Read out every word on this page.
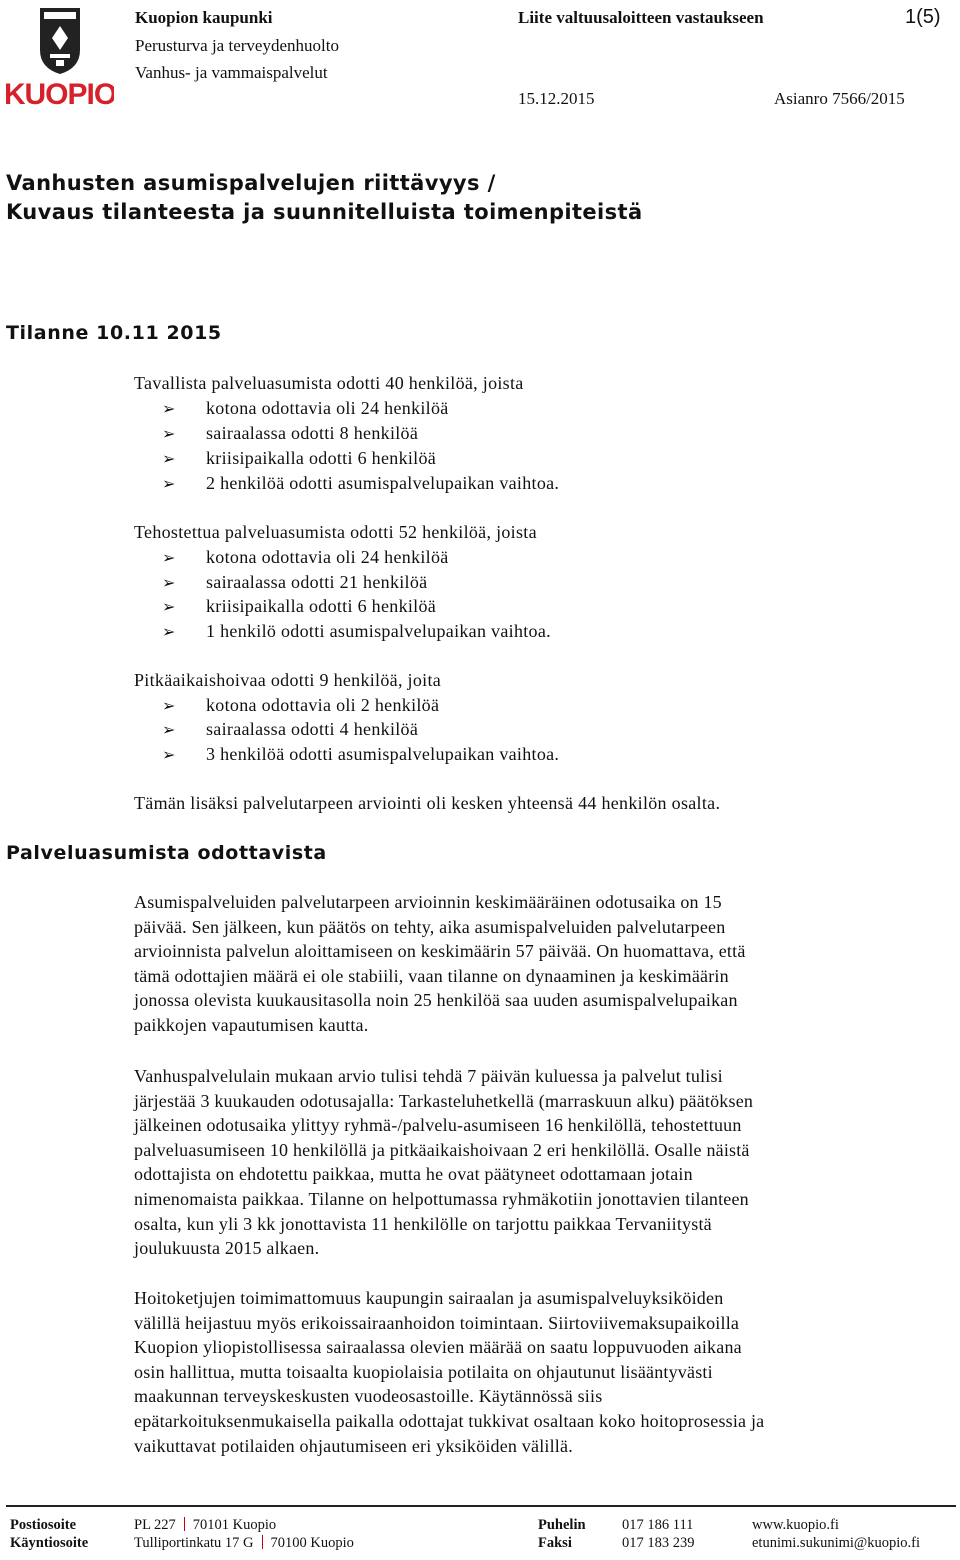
KUOPIO
Kuopion kaupunki
Perusturva ja terveydenhuolto
Vanhus- ja vammaispalvelut
Liite valtuusaloitteen vastaukseen	1(5)
15.12.2015	Asianro 7566/2015
Vanhusten asumispalvelujen riittävyys /
Kuvaus tilanteesta ja suunnitelluista toimenpiteistä
Tilanne 10.11 2015
Tavallista palveluasumista odotti 40 henkilöä, joista
➢ kotona odottavia oli 24 henkilöä
➢ sairaalassa odotti 8 henkilöä
➢ kriisipaikalla odotti 6 henkilöä
➢ 2 henkilöä odotti asumispalvelupaikan vaihtoa.
Tehostettua palveluasumista odotti 52 henkilöä, joista
➢ kotona odottavia oli 24 henkilöä
➢ sairaalassa odotti 21 henkilöä
➢ kriisipaikalla odotti 6 henkilöä
➢ 1 henkilö odotti asumispalvelupaikan vaihtoa.
Pitkäaikaishoivaa odotti 9 henkilöä, joita
➢ kotona odottavia oli 2 henkilöä
➢ sairaalassa odotti 4 henkilöä
➢ 3 henkilöä odotti asumispalvelupaikan vaihtoa.
Tämän lisäksi palvelutarpeen arviointi oli kesken yhteensä 44 henkilön osalta.
Palveluasumista odottavista
Asumispalveluiden palvelutarpeen arvioinnin keskimääräinen odotusaika on 15
päivää. Sen jälkeen, kun päätös on tehty, aika asumispalveluiden palvelutarpeen
arvioinnista palvelun aloittamiseen on keskimäärin 57 päivää. On huomattava, että
tämä odottajien määrä ei ole stabiili, vaan tilanne on dynaaminen ja keskimäärin
jonossa olevista kuukausitasolla noin 25 henkilöä saa uuden asumispalvelupaikan
paikkojen vapautumisen kautta.
Vanhuspalvelulain mukaan arvio tulisi tehdä 7 päivän kuluessa ja palvelut tulisi
järjestää 3 kuukauden odotusajalla: Tarkasteluhetkellä (marraskuun alku) päätöksen
jälkeinen odotusaika ylittyy ryhmä-/palvelu-asumiseen 16 henkilöllä, tehostettuun
palveluasumiseen 10 henkilöllä ja pitkäaikaishoivaan 2 eri henkilöllä. Osalle näistä
odottajista on ehdotettu paikkaa, mutta he ovat päätyneet odottamaan jotain
nimenomaista paikkaa. Tilanne on helpottumassa ryhmäkotiin jonottavien tilanteen
osalta, kun yli 3 kk jonottavista 11 henkilölle on tarjottu paikkaa Tervaniitystä
joulukuusta 2015 alkaen.
Hoitoketjujen toimimattomuus kaupungin sairaalan ja asumispalveluyksiköiden
välillä heijastuu myös erikoissairaanhoidon toimintaan. Siirtoviivemaksupaikoilla
Kuopion yliopistollisessa sairaalassa olevien määrää on saatu loppuvuoden aikana
osin hallittua, mutta toisaalta kuopiolaisia potilaita on ohjautunut lisääntyvästi
maakunnan terveyskeskusten vuodeosastoille. Käytännössä siis
epätarkoituksenmukaisella paikalla odottajat tukkivat osaltaan koko hoitoprosessia ja
vaikuttavat potilaiden ohjautumiseen eri yksiköiden välillä.
Postiosoite	PL 227 70101 Kuopio	Puhelin	017 186 111	www.kuopio.fi
Käyntiosoite	Tulliportinkatu 17 G 70100 Kuopio	Faksi	017 183 239	etunimi.sukunimi@kuopio.fi
